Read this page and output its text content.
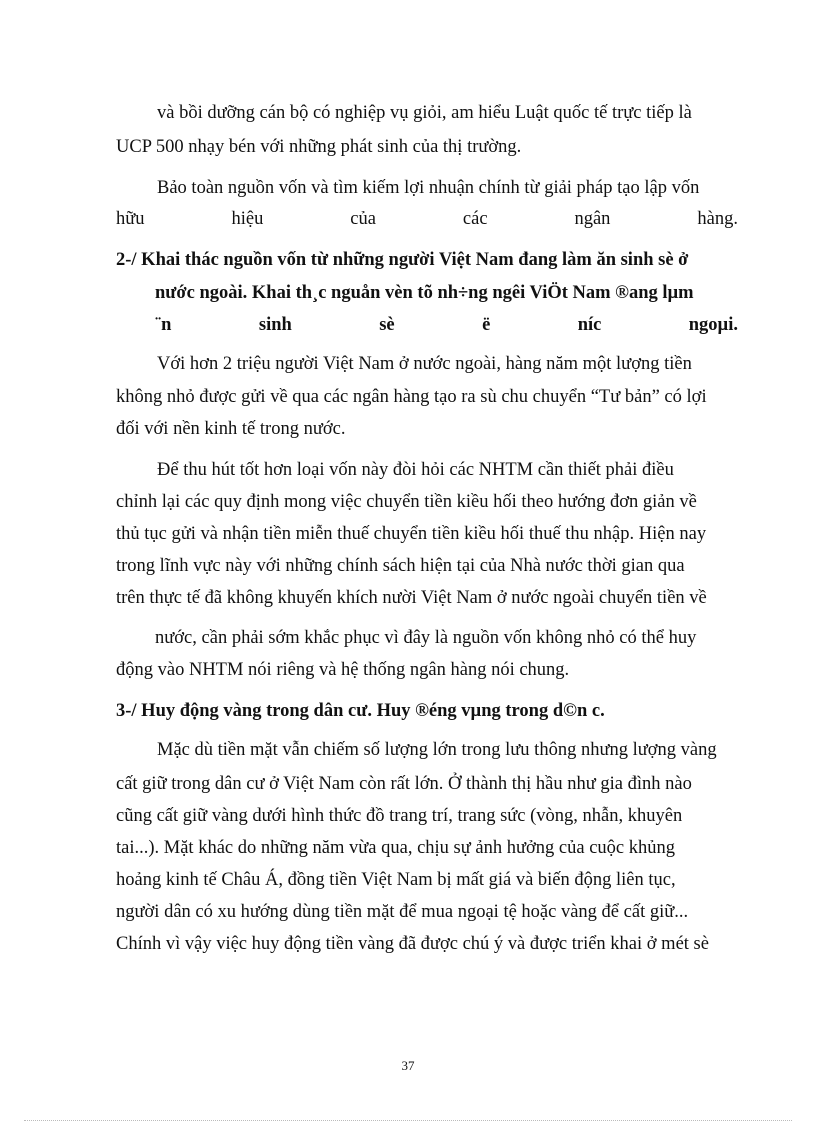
và bồi dưỡng cán bộ có nghiệp vụ giỏi, am hiểu Luật quốc tế trực tiếp là
UCP 500 nhạy bén với những phát sinh của thị trường.
Bảo toàn nguồn vốn và tìm kiếm lợi nhuận chính từ giải pháp tạo lập vốn
hữu	hiệu	của	các	ngân	hàng.
2-/ Khai thác nguồn vốn từ những người Việt Nam đang làm ăn sinh sè ở
nước ngoài. Khai th¸c nguån vèn tõ nh÷ng ngêi ViÖt Nam ®ang lµm
¨n	sinh	sè	ë	níc	ngoµi.
Với hơn 2 triệu người Việt Nam ở nước ngoài, hàng năm một lượng tiền
không nhỏ được gửi về qua các ngân hàng tạo ra sù chu chuyển “Tư bản” có lợi
đối với nền kinh tế trong nước.
Để thu hút tốt hơn loại vốn này đòi hỏi các NHTM cần thiết phải điều
chỉnh lại các quy định mong việc chuyển tiền kiều hối theo hướng đơn giản về
thủ tục gửi và nhận tiền miễn thuế chuyển tiền kiều hối thuế thu nhập. Hiện nay
trong lĩnh vực này với những chính sách hiện tại của Nhà nước thời gian qua
trên thực tế đã không khuyến khích nười Việt Nam ở nước ngoài chuyển tiền về
nước, cần phải sớm khắc phục vì đây là nguồn vốn không nhỏ có thể huy
động vào NHTM nói riêng và hệ thống ngân hàng nói chung.
3-/ Huy động vàng trong dân cư. Huy ®éng vµng trong d©n c.
Mặc dù tiền mặt vẫn chiếm số lượng lớn trong lưu thông nhưng lượng vàng
cất giữ trong dân cư ở Việt Nam còn rất lớn. Ở thành thị hầu như gia đình nào
cũng cất giữ vàng dưới hình thức đồ trang trí, trang sức (vòng, nhẫn, khuyên
tai...). Mặt khác do những năm vừa qua, chịu sự ảnh hưởng của cuộc khủng
hoảng kinh tế Châu Á, đồng tiền Việt Nam bị mất giá và biến động liên tục,
người dân có xu hướng dùng tiền mặt để mua ngoại tệ hoặc vàng để cất giữ...
Chính vì vậy việc huy động tiền vàng đã được chú ý và được triển khai ở mét sè
37
